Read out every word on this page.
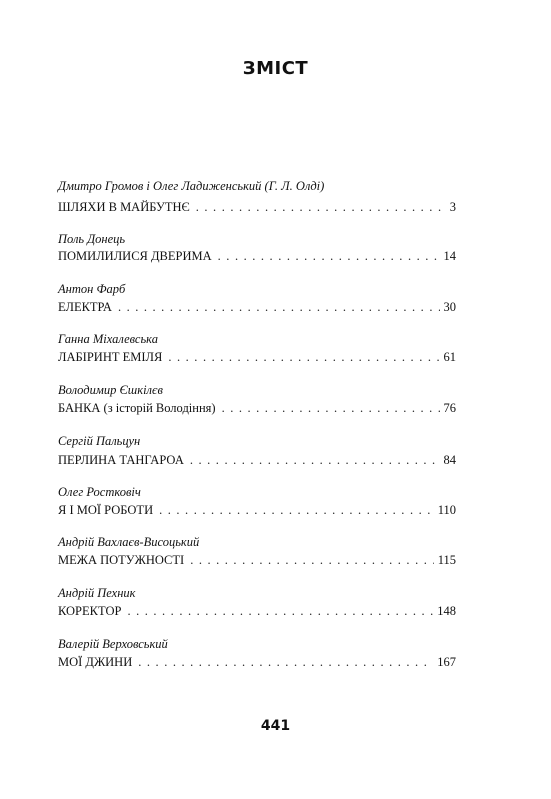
ЗМІСТ
Дмитро Громов і Олег Ладиженський (Г. Л. Олді)
ШЛЯХИ В МАЙБУТНЄ . . .	3
Поль Донець
ПОМИЛИЛИСЯ ДВЕРИМА . . .	14
Антон Фарб
ЕЛЕКТРА . . .	30
Ганна Міхалевська
ЛАБІРИНТ ЕМІЛЯ . . .	61
Володимир Єшкілєв
БАНКА (з історій Володіння) . . .	76
Сергій Пальцун
ПЕРЛИНА ТАНГАРОА . . .	84
Олег Ростковіч
Я І МОЇ РОБОТИ . . .	110
Андрій Вахлаєв-Висоцький
МЕЖА ПОТУЖНОСТІ . . .	115
Андрій Пехник
КОРЕКТОР . . .	148
Валерій Верховський
МОЇ ДЖИНИ . . .	167
441
